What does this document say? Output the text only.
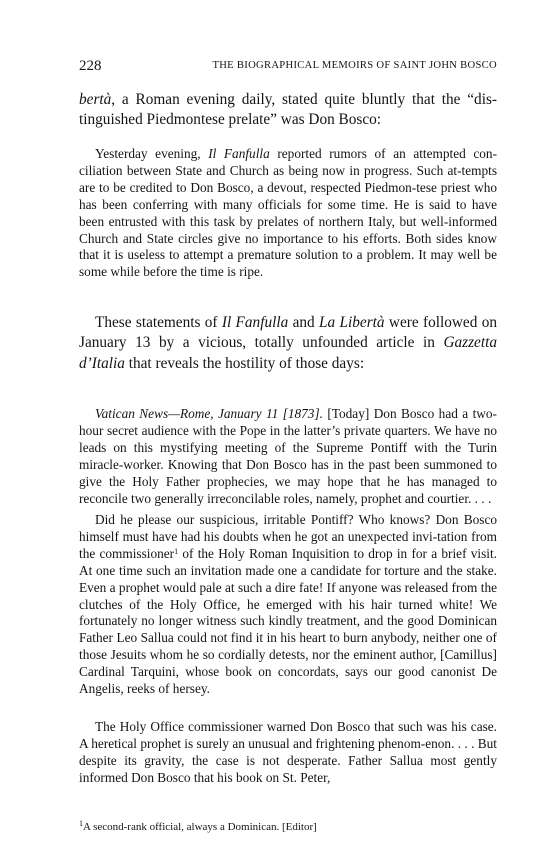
228	THE BIOGRAPHICAL MEMOIRS OF SAINT JOHN BOSCO

bertà, a Roman evening daily, stated quite bluntly that the “dis-tinguished Piedmontese prelate” was Don Bosco:

Yesterday evening, Il Fanfulla reported rumors of an attempted con-ciliation between State and Church as being now in progress. Such at-tempts are to be credited to Don Bosco, a devout, respected Piedmon-tese priest who has been conferring with many officials for some time. He is said to have been entrusted with this task by prelates of northern Italy, but well-informed Church and State circles give no importance to his efforts. Both sides know that it is useless to attempt a premature solution to a problem. It may well be some while before the time is ripe.

These statements of Il Fanfulla and La Libertà were followed on January 13 by a vicious, totally unfounded article in Gazzetta d’Italia that reveals the hostility of those days:

Vatican News—Rome, January 11 [1873]. [Today] Don Bosco had a two-hour secret audience with the Pope in the latter’s private quarters. We have no leads on this mystifying meeting of the Supreme Pontiff with the Turin miracle-worker. Knowing that Don Bosco has in the past been summoned to give the Holy Father prophecies, we may hope that he has managed to reconcile two generally irreconcilable roles, namely, prophet and courtier. . . .

Did he please our suspicious, irritable Pontiff? Who knows? Don Bosco himself must have had his doubts when he got an unexpected invi-tation from the commissioner$^1$ of the Holy Roman Inquisition to drop in for a brief visit. At one time such an invitation made one a candidate for torture and the stake. Even a prophet would pale at such a dire fate! If anyone was released from the clutches of the Holy Office, he emerged with his hair turned white! We fortunately no longer witness such kindly treatment, and the good Dominican Father Leo Sallua could not find it in his heart to burn anybody, neither one of those Jesuits whom he so cordially detests, nor the eminent author, [Camillus] Cardinal Tarquini, whose book on concordats, says our good canonist De Angelis, reeks of hersey.

The Holy Office commissioner warned Don Bosco that such was his case. A heretical prophet is surely an unusual and frightening phenom-enon. . . . But despite its gravity, the case is not desperate. Father Sallua most gently informed Don Bosco that his book on St. Peter,

$^1$A second-rank official, always a Dominican. [Editor]
